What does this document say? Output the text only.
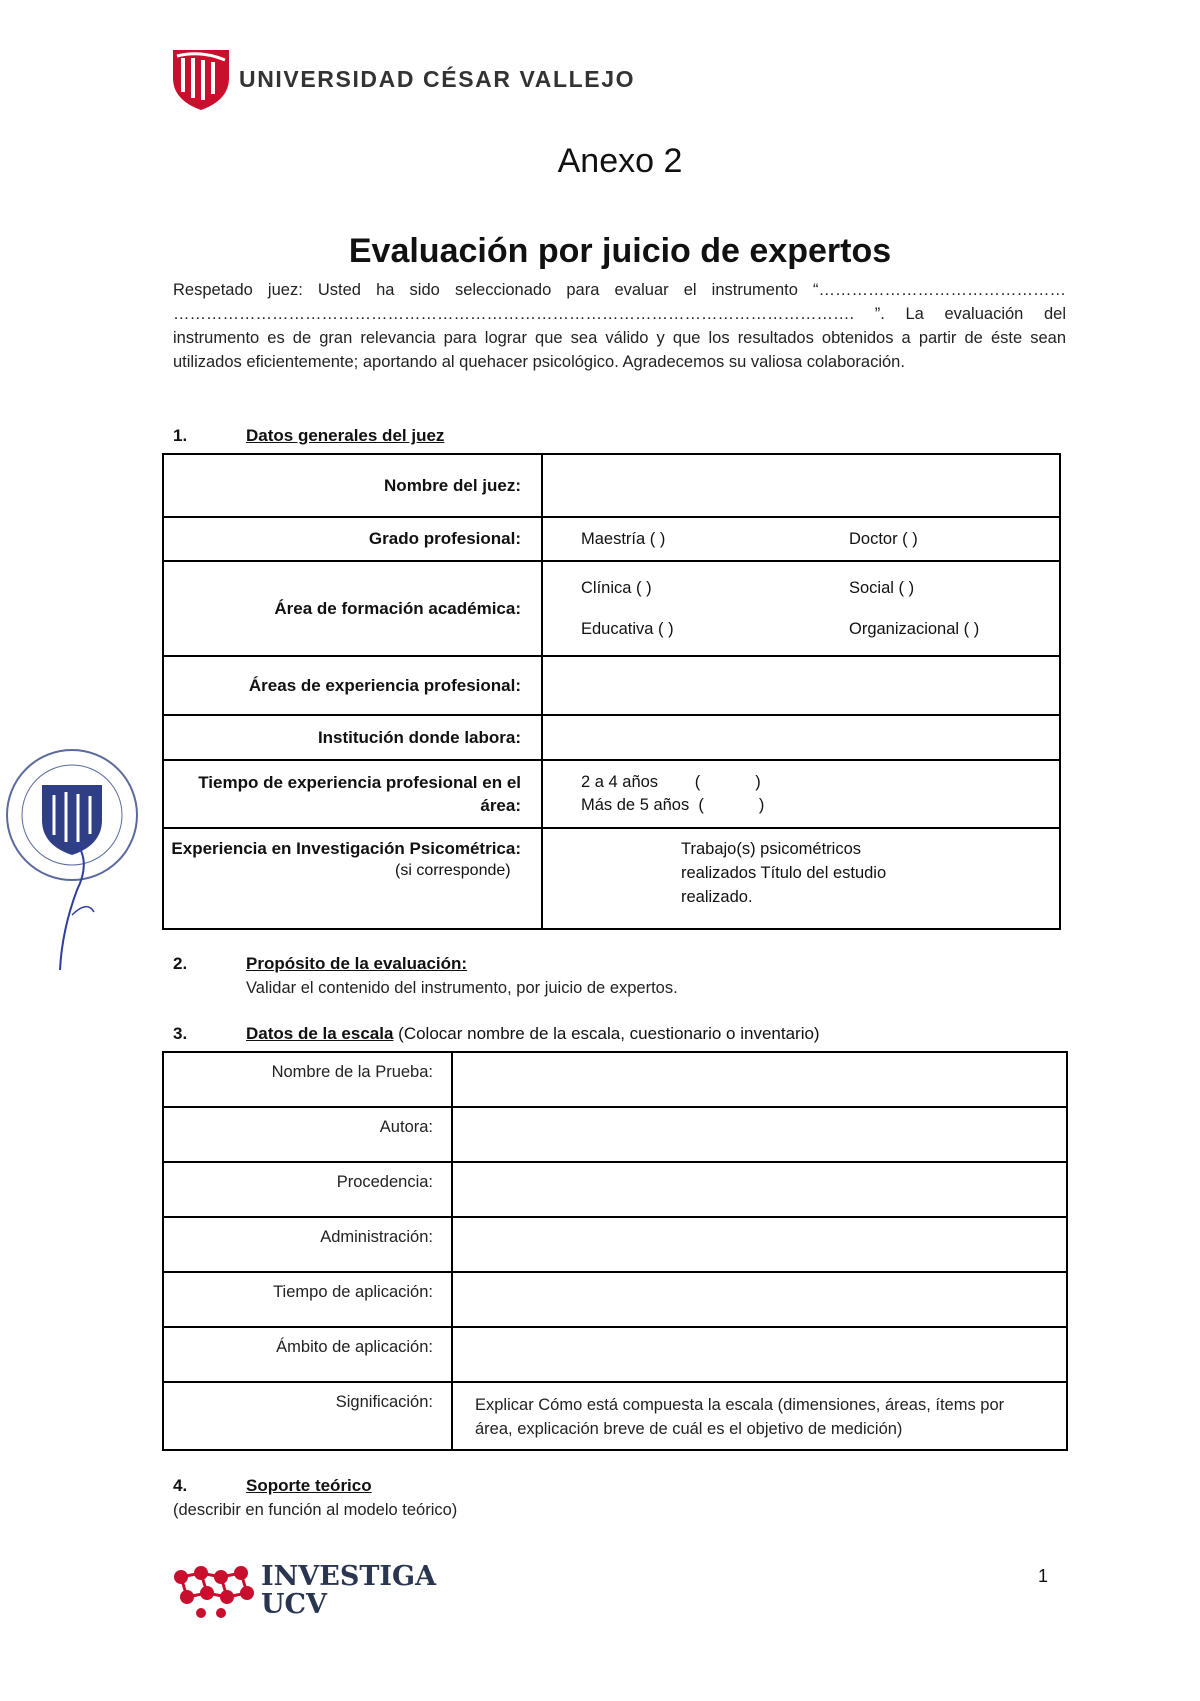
UNIVERSIDAD CÉSAR VALLEJO
Anexo 2
Evaluación por juicio de expertos
Respetado juez: Usted ha sido seleccionado para evaluar el instrumento “……………………………………… ……………………………………………………………………………………………………………. ”. La evaluación del instrumento es de gran relevancia para lograr que sea válido y que los resultados obtenidos a partir de éste sean utilizados eficientemente; aportando al quehacer psicológico. Agradecemos su valiosa colaboración.
1.	Datos generales del juez
Nombre del juez:	
Grado profesional:	Maestría ( ) Doctor ( )

Área de formación académica:	Clínica ( ) Social ( )
Educativa ( ) Organizacional ( )

Áreas de experiencia profesional:	
Institución donde labora:	
Tiempo de experiencia profesional en el área:	2 a 4 años        (            )
Más de 5 años  (            )

Experiencia en Investigación Psicométrica:
(si corresponde)	Trabajo(s) psicométricos realizados Título del estudio realizado.
2.	Propósito de la evaluación:
Validar el contenido del instrumento, por juicio de expertos.
3.	Datos de la escala (Colocar nombre de la escala, cuestionario o inventario)
Nombre de la Prueba:	
Autora:	
Procedencia:	
Administración:	
Tiempo de aplicación:	
Ámbito de aplicación:	
Significación:	Explicar Cómo está compuesta la escala (dimensiones, áreas, ítems por área, explicación breve de cuál es el objetivo de medición)
4.	Soporte teórico
(describir en función al modelo teórico)
INVESTIGA
UCV
1
